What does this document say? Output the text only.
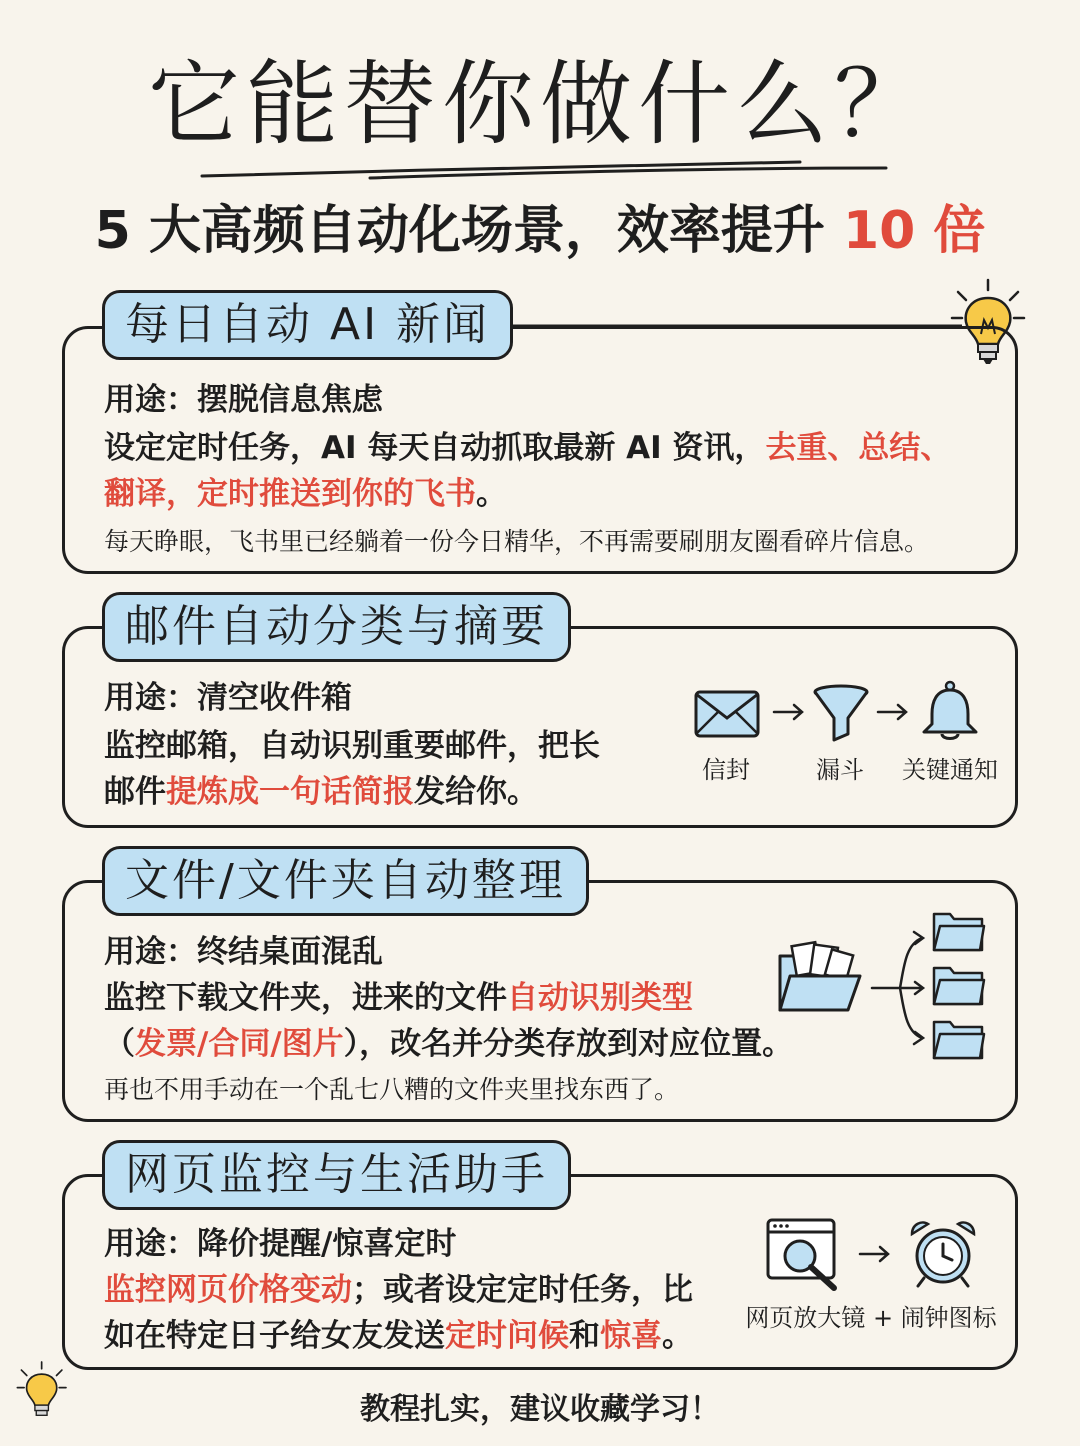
它能替你做什么？
5 大高频自动化场景，效率提升 10 倍
每日自动 AI 新闻
用途：摆脱信息焦虑
设定定时任务，AI 每天自动抓取最新 AI 资讯，去重、总结、
翻译，定时推送到你的飞书。
每天睁眼，飞书里已经躺着一份今日精华，不再需要刷朋友圈看碎片信息。
邮件自动分类与摘要
用途：清空收件箱
监控邮箱，自动识别重要邮件，把长
邮件提炼成一句话简报发给你。
信封	漏斗 关键通知
文件/文件夹自动整理
用途：终结桌面混乱
监控下载文件夹，进来的文件自动识别类型
（发票/合同/图片），改名并分类存放到对应位置。
再也不用手动在一个乱七八糟的文件夹里找东西了。
网页监控与生活助手
用途：降价提醒/惊喜定时
监控网页价格变动；或者设定定时任务，比
如在特定日子给女友发送定时问候和惊喜。 网页放大镜 + 闹钟图标
教程扎实，建议收藏学习！
